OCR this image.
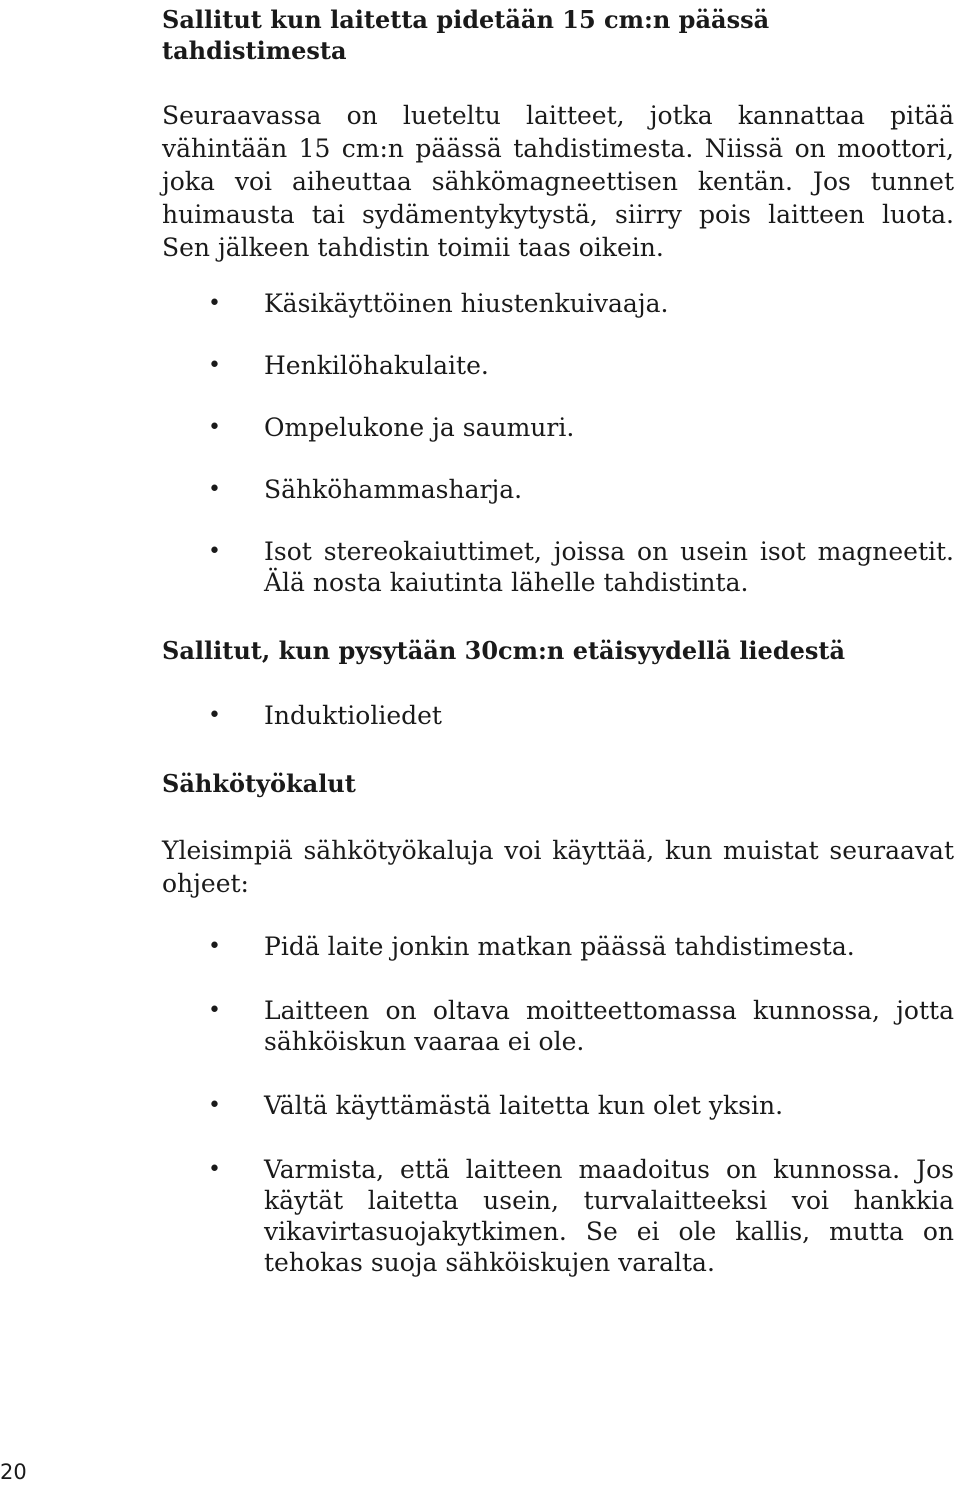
Sallitut kun laitetta pidetään 15 cm:n päässä tahdistimesta

Seuraavassa on lueteltu laitteet, jotka kannattaa pitää vähintään 15 cm:n päässä tahdistimesta. Niissä on moottori, joka voi aiheuttaa sähkömagneettisen kentän. Jos tunnet huimausta tai sydämentykytystä, siirry pois laitteen luota. Sen jälkeen tahdistin toimii taas oikein.

• Käsikäyttöinen hiustenkuivaaja.
• Henkilöhakulaite.
• Ompelukone ja saumuri.
• Sähköhammasharja.
• Isot stereokaiuttimet, joissa on usein isot magneetit. Älä nosta kaiutinta lähelle tahdistinta.
Sallitut, kun pysytään 30cm:n etäisyydellä liedestä
• Induktioliedet
Sähkötyökalut

Yleisimpiä sähkötyökaluja voi käyttää, kun muistat seuraavat ohjeet:

• Pidä laite jonkin matkan päässä tahdistimesta.
• Laitteen on oltava moitteettomassa kunnossa, jotta sähköiskun vaaraa ei ole.
• Vältä käyttämästä laitetta kun olet yksin.
• Varmista, että laitteen maadoitus on kunnossa. Jos käytät laitetta usein, turvalaitteeksi voi hankkia vikavirtasuojakytkimen. Se ei ole kallis, mutta on tehokas suoja sähköiskujen varalta.
20
